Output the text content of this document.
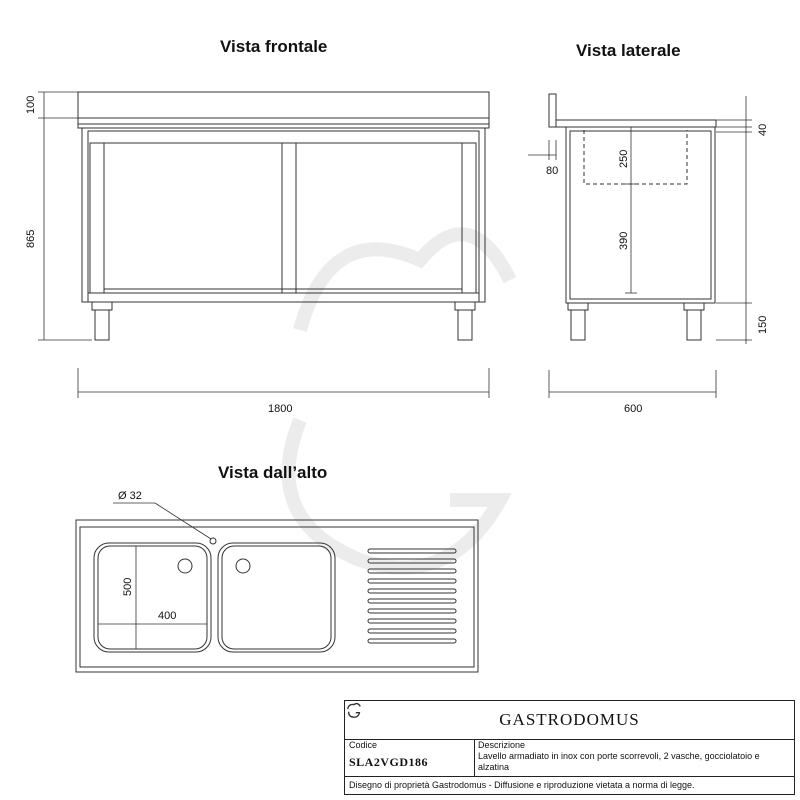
Vista frontale	Vista laterale
Vista dall’alto
100
865
1800
250
390
80
40
150
600
Ø 32
500
400
GASTRODOMUS
Codice
SLA2VGD186
Descrizione
Lavello armadiato in inox con porte scorrevoli, 2 vasche, gocciolatoio e alzatina
Disegno di proprietà Gastrodomus - Diffusione e riproduzione vietata a norma di legge.
